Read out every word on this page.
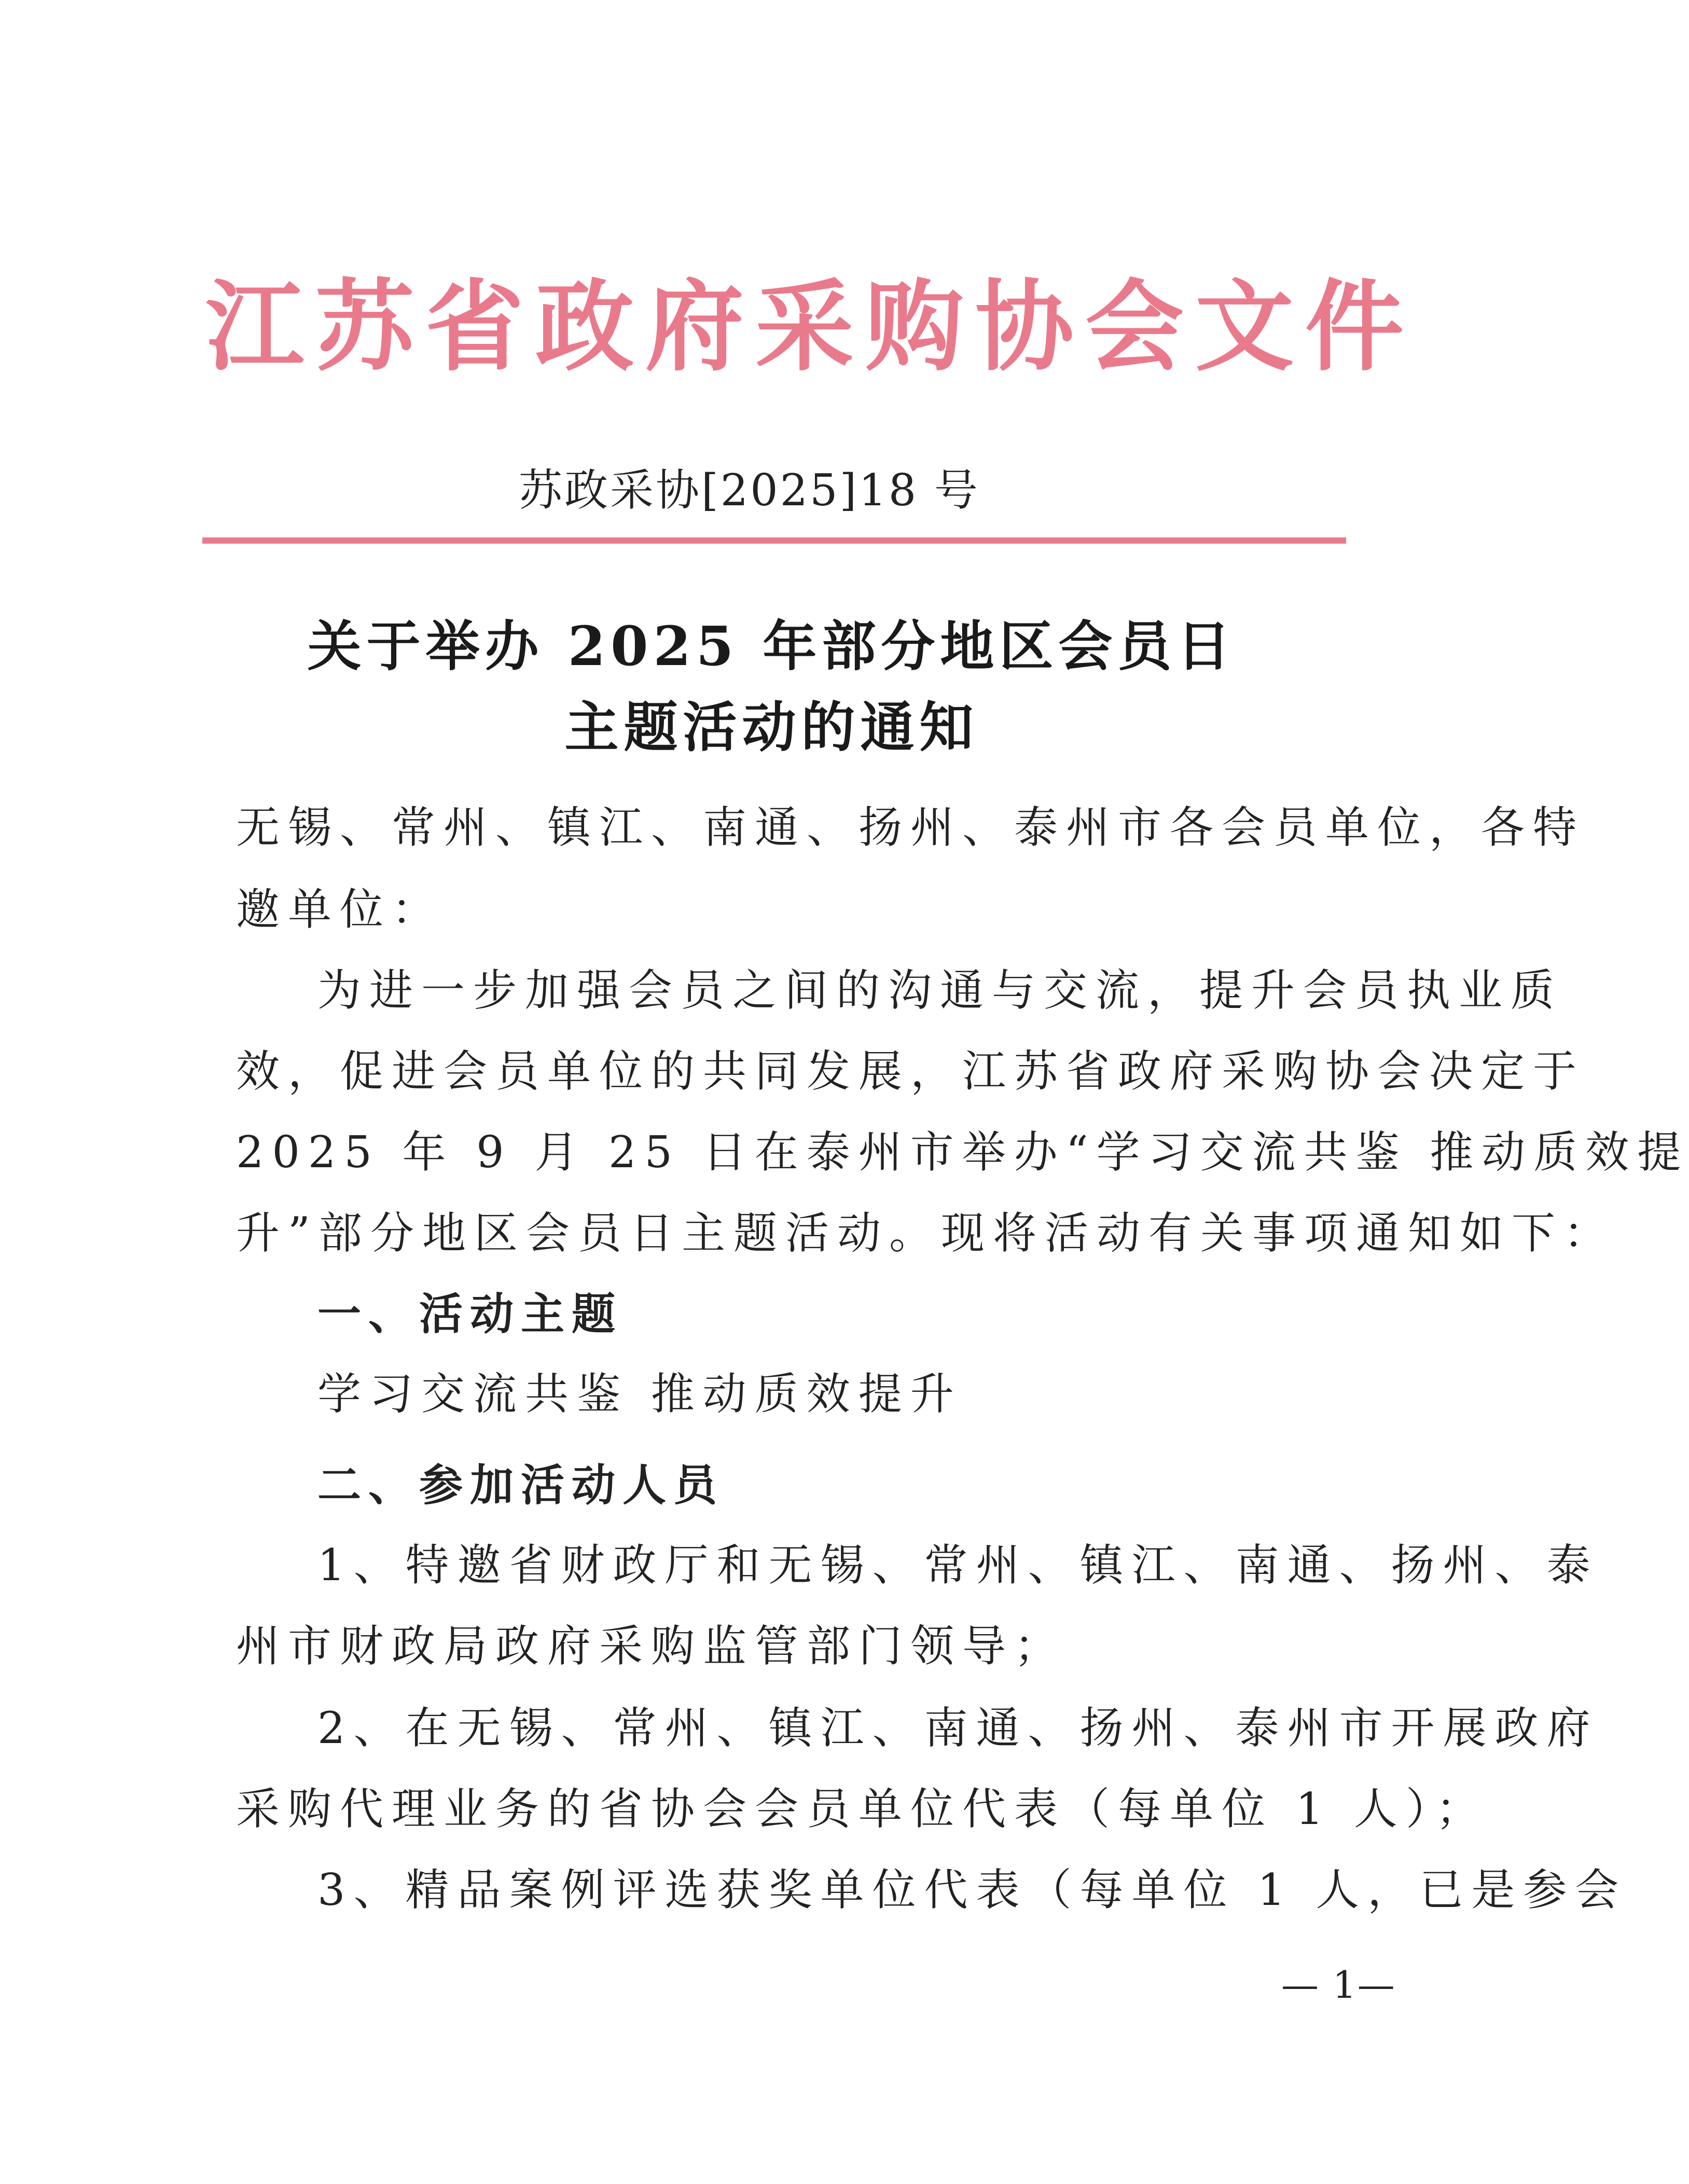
江苏省政府采购协会文件
苏政采协[2025]18 号
关于举办 2025 年部分地区会员日
主题活动的通知
无锡、常州、镇江、南通、扬州、泰州市各会员单位，各特
邀单位：
为进一步加强会员之间的沟通与交流，提升会员执业质
效，促进会员单位的共同发展，江苏省政府采购协会决定于
2025 年 9 月 25 日在泰州市举办“学习交流共鉴 推动质效提
升”部分地区会员日主题活动。现将活动有关事项通知如下：
一、活动主题
学习交流共鉴 推动质效提升
二、参加活动人员
1、特邀省财政厅和无锡、常州、镇江、南通、扬州、泰
州市财政局政府采购监管部门领导；
2、在无锡、常州、镇江、南通、扬州、泰州市开展政府
采购代理业务的省协会会员单位代表（每单位 1 人）；
3、精品案例评选获奖单位代表（每单位 1 人，已是参会
— 1—
